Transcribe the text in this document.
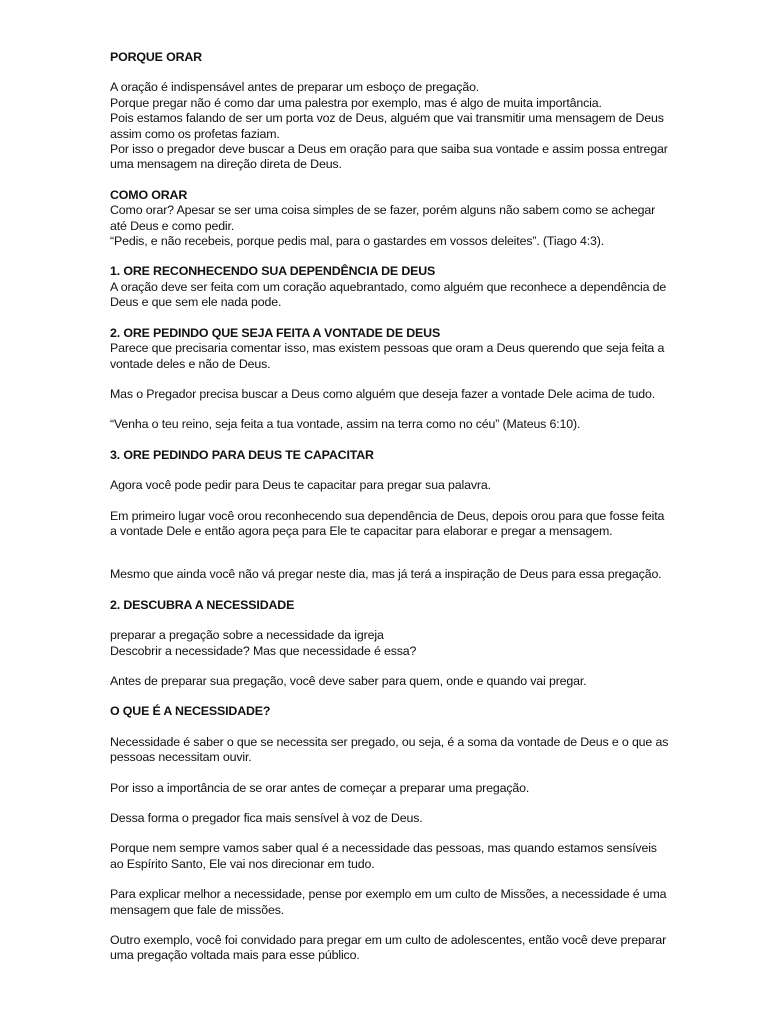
PORQUE ORAR

A oração é indispensável antes de preparar um esboço de pregação.

Porque pregar não é como dar uma palestra por exemplo, mas é algo de muita importância.

Pois estamos falando de ser um porta voz de Deus, alguém que vai transmitir uma mensagem de Deus assim como os profetas faziam.

Por isso o pregador deve buscar a Deus em oração para que saiba sua vontade e assim possa entregar uma mensagem na direção direta de Deus.

COMO ORAR

Como orar? Apesar se ser uma coisa simples de se fazer, porém alguns não sabem como se achegar até Deus e como pedir.

“Pedis, e não recebeis, porque pedis mal, para o gastardes em vossos deleites”. (Tiago 4:3).

1. ORE RECONHECENDO SUA DEPENDÊNCIA DE DEUS

A oração deve ser feita com um coração aquebrantado, como alguém que reconhece a dependência de Deus e que sem ele nada pode.

2. ORE PEDINDO QUE SEJA FEITA A VONTADE DE DEUS

Parece que precisaria comentar isso, mas existem pessoas que oram a Deus querendo que seja feita a vontade deles e não de Deus.

Mas o Pregador precisa buscar a Deus como alguém que deseja fazer a vontade Dele acima de tudo.

“Venha o teu reino, seja feita a tua vontade, assim na terra como no céu” (Mateus 6:10).

3. ORE PEDINDO PARA DEUS TE CAPACITAR

Agora você pode pedir para Deus te capacitar para pregar sua palavra.

Em primeiro lugar você orou reconhecendo sua dependência de Deus, depois orou para que fosse feita a vontade Dele e então agora peça para Ele te capacitar para elaborar e pregar a mensagem.

Mesmo que ainda você não vá pregar neste dia, mas já terá a inspiração de Deus para essa pregação.

2. DESCUBRA A NECESSIDADE

preparar a pregação sobre a necessidade da igreja

Descobrir a necessidade? Mas que necessidade é essa?

Antes de preparar sua pregação, você deve saber para quem, onde e quando vai pregar.

O QUE É A NECESSIDADE?

Necessidade é saber o que se necessita ser pregado, ou seja, é a soma da vontade de Deus e o que as pessoas necessitam ouvir.

Por isso a importância de se orar antes de começar a preparar uma pregação.

Dessa forma o pregador fica mais sensível à voz de Deus.

Porque nem sempre vamos saber qual é a necessidade das pessoas, mas quando estamos sensíveis ao Espírito Santo, Ele vai nos direcionar em tudo.

Para explicar melhor a necessidade, pense por exemplo em um culto de Missões, a necessidade é uma mensagem que fale de missões.

Outro exemplo, você foi convidado para pregar em um culto de adolescentes, então você deve preparar uma pregação voltada mais para esse público.
